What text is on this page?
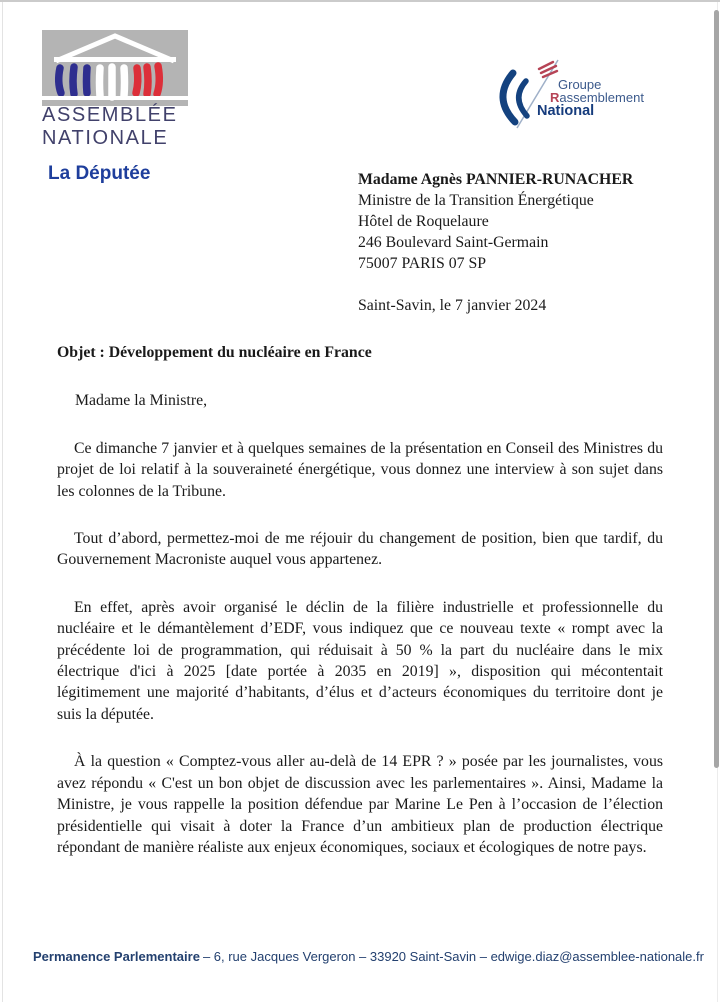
ASSEMBLÉE
NATIONALE
La Députée
Groupe
Rassemblement
National
Madame Agnès PANNIER-RUNACHER
Ministre de la Transition Énergétique
Hôtel de Roquelaure
246 Boulevard Saint-Germain
75007 PARIS 07 SP
Saint-Savin, le 7 janvier 2024

Objet : Développement du nucléaire en France

Madame la Ministre,

Ce dimanche 7 janvier et à quelques semaines de la présentation en Conseil des Ministres du projet de loi relatif à la souveraineté énergétique, vous donnez une interview à son sujet dans les colonnes de la Tribune.

Tout d’abord, permettez-moi de me réjouir du changement de position, bien que tardif, du Gouvernement Macroniste auquel vous appartenez.

En effet, après avoir organisé le déclin de la filière industrielle et professionnelle du nucléaire et le démantèlement d’EDF, vous indiquez que ce nouveau texte « rompt avec la précédente loi de programmation, qui réduisait à 50 % la part du nucléaire dans le mix électrique d'ici à 2025 [date portée à 2035 en 2019] », disposition qui mécontentait légitimement une majorité d’habitants, d’élus et d’acteurs économiques du territoire dont je suis la députée.

À la question « Comptez-vous aller au-delà de 14 EPR ? » posée par les journalistes, vous avez répondu « C'est un bon objet de discussion avec les parlementaires ». Ainsi, Madame la Ministre, je vous rappelle la position défendue par Marine Le Pen à l’occasion de l’élection présidentielle qui visait à doter la France d’un ambitieux plan de production électrique répondant de manière réaliste aux enjeux économiques, sociaux et écologiques de notre pays.

Permanence Parlementaire – 6, rue Jacques Vergeron – 33920 Saint-Savin – edwige.diaz@assemblee-nationale.fr
